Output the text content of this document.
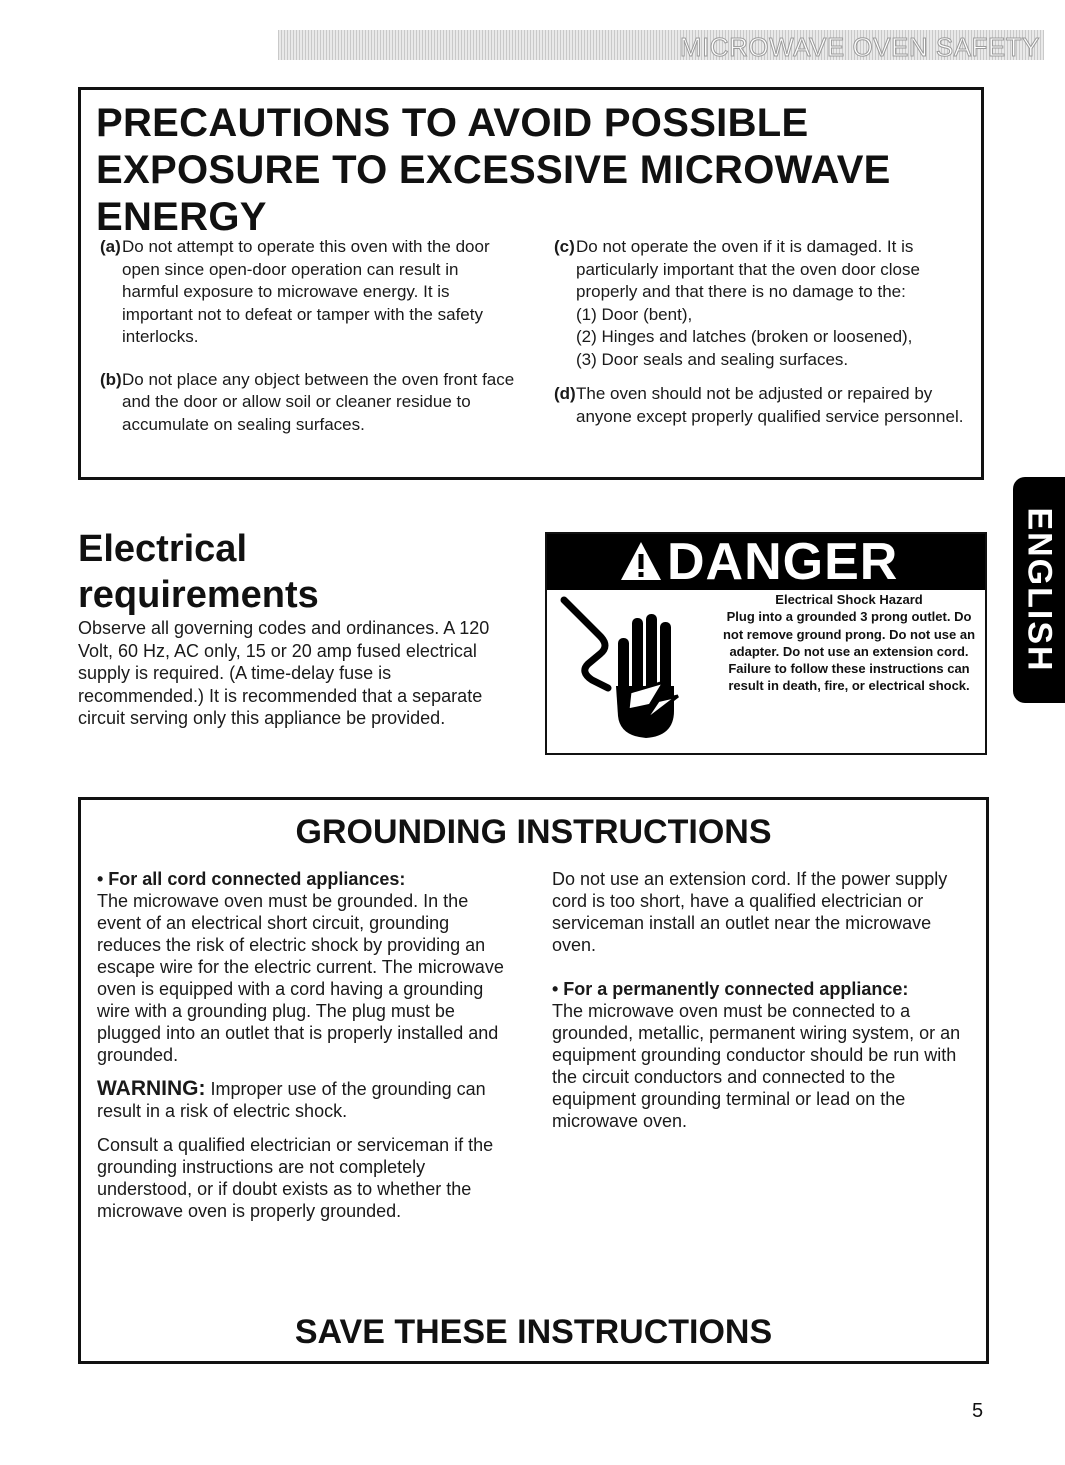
MICROWAVE OVEN SAFETY
PRECAUTIONS TO AVOID POSSIBLE EXPOSURE TO EXCESSIVE MICROWAVE ENERGY
(a) Do not attempt to operate this oven with the door open since open-door operation can result in harmful exposure to microwave energy. It is important not to defeat or tamper with the safety interlocks.
(b) Do not place any object between the oven front face and the door or allow soil or cleaner residue to accumulate on sealing surfaces.
(c) Do not operate the oven if it is damaged. It is particularly important that the oven door close properly and that there is no damage to the:
(1) Door (bent),
(2) Hinges and latches (broken or loosened),
(3) Door seals and sealing surfaces.
(d) The oven should not be adjusted or repaired by anyone except properly qualified service personnel.
Electrical
requirements
Observe all governing codes and ordinances. A 120 Volt, 60 Hz, AC only, 15 or 20 amp fused electrical supply is required. (A time-delay fuse is recommended.) It is recommended that a separate circuit serving only this appliance be provided.
DANGER
Electrical Shock Hazard
Plug into a grounded 3 prong outlet. Do not remove ground prong. Do not use an adapter. Do not use an extension cord.
Failure to follow these instructions can result in death, fire, or electrical shock.
ENGLISH
GROUNDING INSTRUCTIONS
• For all cord connected appliances:
The microwave oven must be grounded. In the event of an electrical short circuit, grounding reduces the risk of electric shock by providing an escape wire for the electric current. The microwave oven is equipped with a cord having a grounding wire with a grounding plug. The plug must be plugged into an outlet that is properly installed and grounded.
WARNING: Improper use of the grounding can result in a risk of electric shock.
Consult a qualified electrician or serviceman if the grounding instructions are not completely understood, or if doubt exists as to whether the microwave oven is properly grounded.
Do not use an extension cord. If the power supply cord is too short, have a qualified electrician or serviceman install an outlet near the microwave oven.
• For a permanently connected appliance:
The microwave oven must be connected to a grounded, metallic, permanent wiring system, or an equipment grounding conductor should be run with the circuit conductors and connected to the equipment grounding terminal or lead on the microwave oven.
SAVE THESE INSTRUCTIONS
5
